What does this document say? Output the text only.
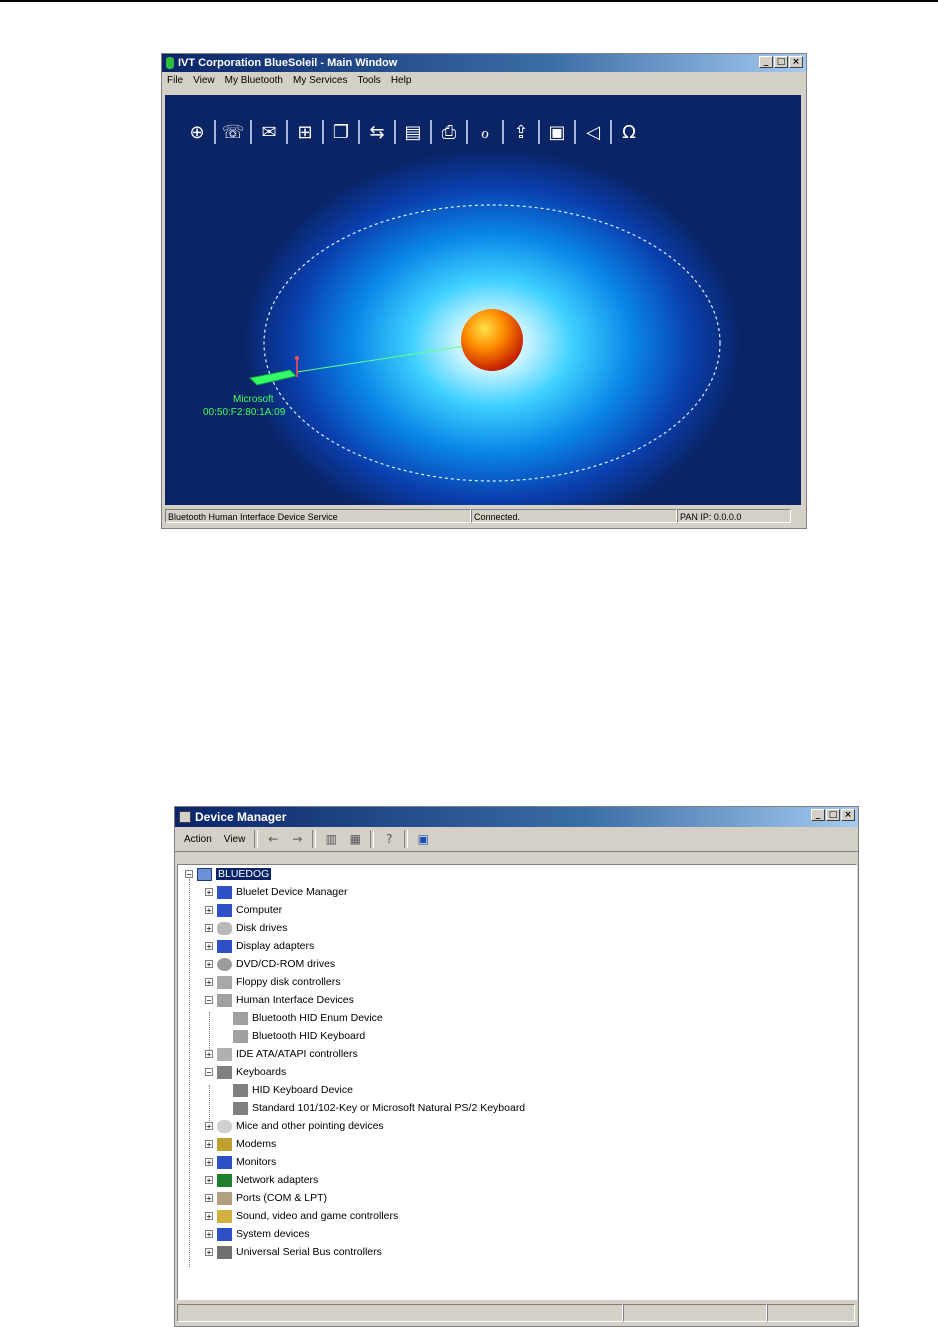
IVT Corporation BlueSoleil - Main Window	_ □ ×
File View My Bluetooth My Services Tools Help
⊕ ☏ ✉	⊞	❐	⇆	▤	⎙	ℴ	⇪	▣	◁	Ω
Microsoft
00:50:F2:80:1A:09
Bluetooth Human Interface Device Service	Connected.	PAN IP: 0.0.0.0
Device Manager	_ □ ×
Action	View	←	→	▥ ▦	?	▣
−	BLUEDOG
+ Bluelet Device Manager
+ Computer
+ Disk drives
+ Display adapters
+ DVD/CD-ROM drives
+ Floppy disk controllers
− Human Interface Devices
Bluetooth HID Enum Device
Bluetooth HID Keyboard
+ IDE ATA/ATAPI controllers
− Keyboards
HID Keyboard Device
Standard 101/102-Key or Microsoft Natural PS/2 Keyboard
+ Mice and other pointing devices
+ Modems
+ Monitors
+ Network adapters
+ Ports (COM & LPT)
+ Sound, video and game controllers
+ System devices
+ Universal Serial Bus controllers
